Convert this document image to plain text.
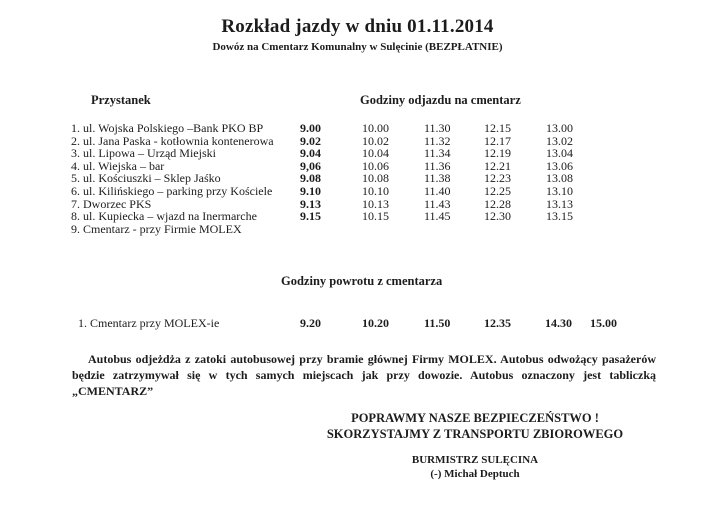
Rozkład jazdy w dniu 01.11.2014
Dowóz na Cmentarz Komunalny w Sulęcinie (BEZPŁATNIE)
Przystanek	Godziny odjazdu na cmentarz
1. ul. Wojska Polskiego –Bank PKO BP	9.00	10.00	11.30	12.15	13.00
2. ul. Jana Paska - kotłownia kontenerowa 9.02	10.02	11.32	12.17	13.02
3. ul. Lipowa – Urząd Miejski	9.04	10.04	11.34	12.19	13.04
4. ul. Wiejska – bar	9,06	10.06	11.36	12.21	13.06
5. ul. Kościuszki – Sklep Jaśko	9.08	10.08	11.38	12.23	13.08
6. ul. Kilińskiego – parking przy Kościele 9.10	10.10	11.40	12.25	13.10
7. Dworzec PKS	9.13	10.13	11.43	12.28	13.13
8. ul. Kupiecka – wjazd na Inermarche	9.15	10.15	11.45	12.30	13.15
9. Cmentarz - przy Firmie MOLEX
Godziny powrotu z cmentarza
1. Cmentarz przy MOLEX-ie	9.20	10.20	11.50	12.35	14.30 15.00
Autobus odjeżdża z zatoki autobusowej przy bramie głównej Firmy MOLEX. Autobus odwożący pasażerów
będzie zatrzymywał się w tych samych miejscach jak przy dowozie. Autobus oznaczony jest tabliczką
„CMENTARZ”
POPRAWMY NASZE BEZPIECZEŃSTWO !
SKORZYSTAJMY Z TRANSPORTU ZBIOROWEGO
BURMISTRZ SULĘCINA
(-) Michał Deptuch
